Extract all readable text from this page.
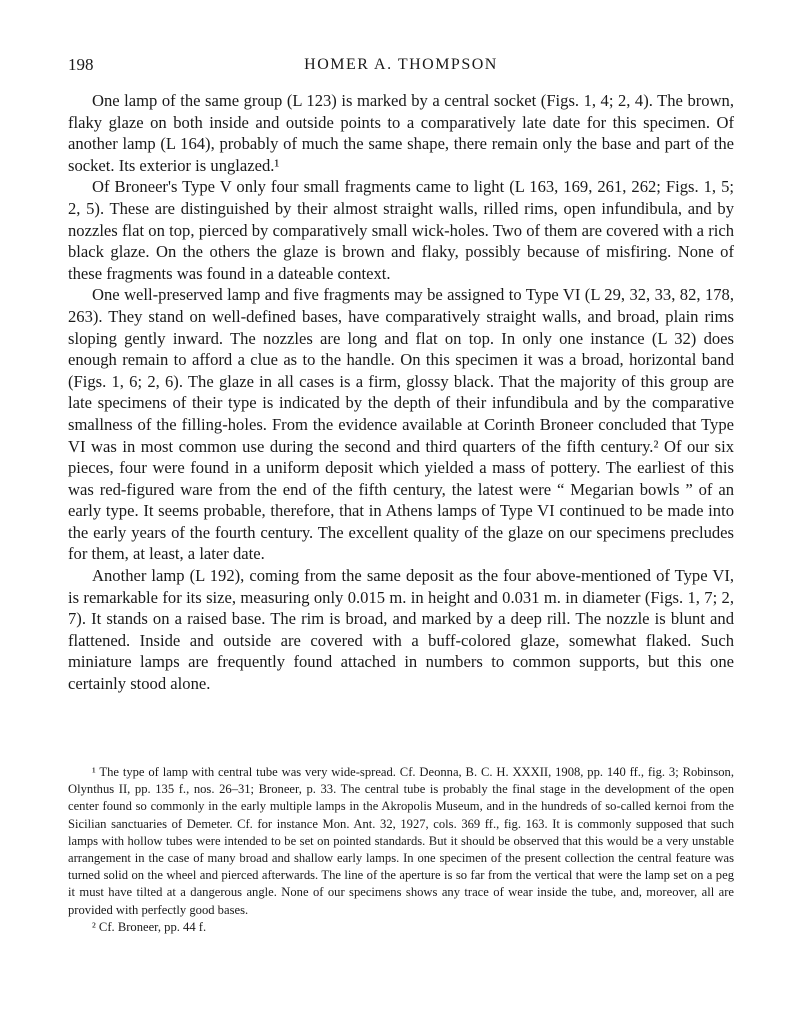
198	HOMER A. THOMPSON

One lamp of the same group (L 123) is marked by a central socket (Figs. 1, 4; 2, 4). The brown, flaky glaze on both inside and outside points to a comparatively late date for this specimen. Of another lamp (L 164), probably of much the same shape, there remain only the base and part of the socket. Its exterior is unglazed.¹

Of Broneer's Type V only four small fragments came to light (L 163, 169, 261, 262; Figs. 1, 5; 2, 5). These are distinguished by their almost straight walls, rilled rims, open infundibula, and by nozzles flat on top, pierced by comparatively small wick-holes. Two of them are covered with a rich black glaze. On the others the glaze is brown and flaky, possibly because of misfiring. None of these fragments was found in a dateable context.

One well-preserved lamp and five fragments may be assigned to Type VI (L 29, 32, 33, 82, 178, 263). They stand on well-defined bases, have comparatively straight walls, and broad, plain rims sloping gently inward. The nozzles are long and flat on top. In only one instance (L 32) does enough remain to afford a clue as to the handle. On this specimen it was a broad, horizontal band (Figs. 1, 6; 2, 6). The glaze in all cases is a firm, glossy black. That the majority of this group are late specimens of their type is indicated by the depth of their infundibula and by the comparative smallness of the filling-holes. From the evidence available at Corinth Broneer concluded that Type VI was in most common use during the second and third quarters of the fifth century.² Of our six pieces, four were found in a uniform deposit which yielded a mass of pottery. The earliest of this was red-figured ware from the end of the fifth century, the latest were “ Megarian bowls ” of an early type. It seems probable, therefore, that in Athens lamps of Type VI continued to be made into the early years of the fourth century. The excellent quality of the glaze on our specimens precludes for them, at least, a later date.

Another lamp (L 192), coming from the same deposit as the four above-mentioned of Type VI, is remarkable for its size, measuring only 0.015 m. in height and 0.031 m. in diameter (Figs. 1, 7; 2, 7). It stands on a raised base. The rim is broad, and marked by a deep rill. The nozzle is blunt and flattened. Inside and outside are covered with a buff-colored glaze, somewhat flaked. Such miniature lamps are frequently found attached in numbers to common supports, but this one certainly stood alone.

¹ The type of lamp with central tube was very wide-spread. Cf. Deonna, B. C. H. XXXII, 1908, pp. 140 ff., fig. 3; Robinson, Olynthus II, pp. 135 f., nos. 26–31; Broneer, p. 33. The central tube is probably the final stage in the development of the open center found so commonly in the early multiple lamps in the Akropolis Museum, and in the hundreds of so-called kernoi from the Sicilian sanctuaries of Demeter. Cf. for instance Mon. Ant. 32, 1927, cols. 369 ff., fig. 163. It is commonly supposed that such lamps with hollow tubes were intended to be set on pointed standards. But it should be observed that this would be a very unstable arrangement in the case of many broad and shallow early lamps. In one specimen of the present collection the central feature was turned solid on the wheel and pierced afterwards. The line of the aperture is so far from the vertical that were the lamp set on a peg it must have tilted at a dangerous angle. None of our specimens shows any trace of wear inside the tube, and, moreover, all are provided with perfectly good bases.

² Cf. Broneer, pp. 44 f.
